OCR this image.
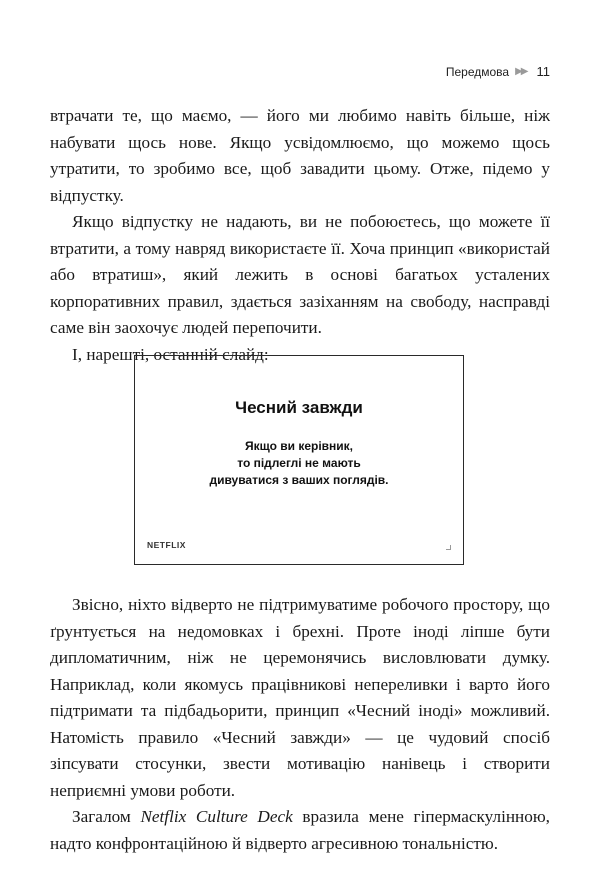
Передмова ▶▶ 11

втрачати те, що маємо, — його ми любимо навіть більше, ніж набувати щось нове. Якщо усвідомлюємо, що можемо щось утратити, то зробимо все, щоб завадити цьому. Отже, підемо у відпустку.

Якщо відпустку не надають, ви не побоюєтесь, що можете її втратити, а тому навряд використаєте її. Хоча принцип «використай або втратиш», який лежить в основі багатьох усталених корпоративних правил, здається зазіханням на свободу, насправді саме він заохочує людей перепочити.

І, нарешті, останній слайд:

Чесний завжди
Якщо ви керівник,
то підлеглі не мають
дивуватися з ваших поглядів.
NETFLIX

Звісно, ніхто відверто не підтримуватиме робочого простору, що ґрунтується на недомовках і брехні. Проте іноді ліпше бути дипломатичним, ніж не церемонячись висловлювати думку. Наприклад, коли якомусь працівникові непереливки і варто його підтримати та підбадьорити, принцип «Чесний іноді» можливий. Натомість правило «Чесний завжди» — це чудовий спосіб зіпсувати стосунки, звести мотивацію нанівець і створити неприємні умови роботи.

Загалом Netflix Culture Deck вразила мене гіпермаскулінною, надто конфронтаційною й відверто агресивною тональністю.
